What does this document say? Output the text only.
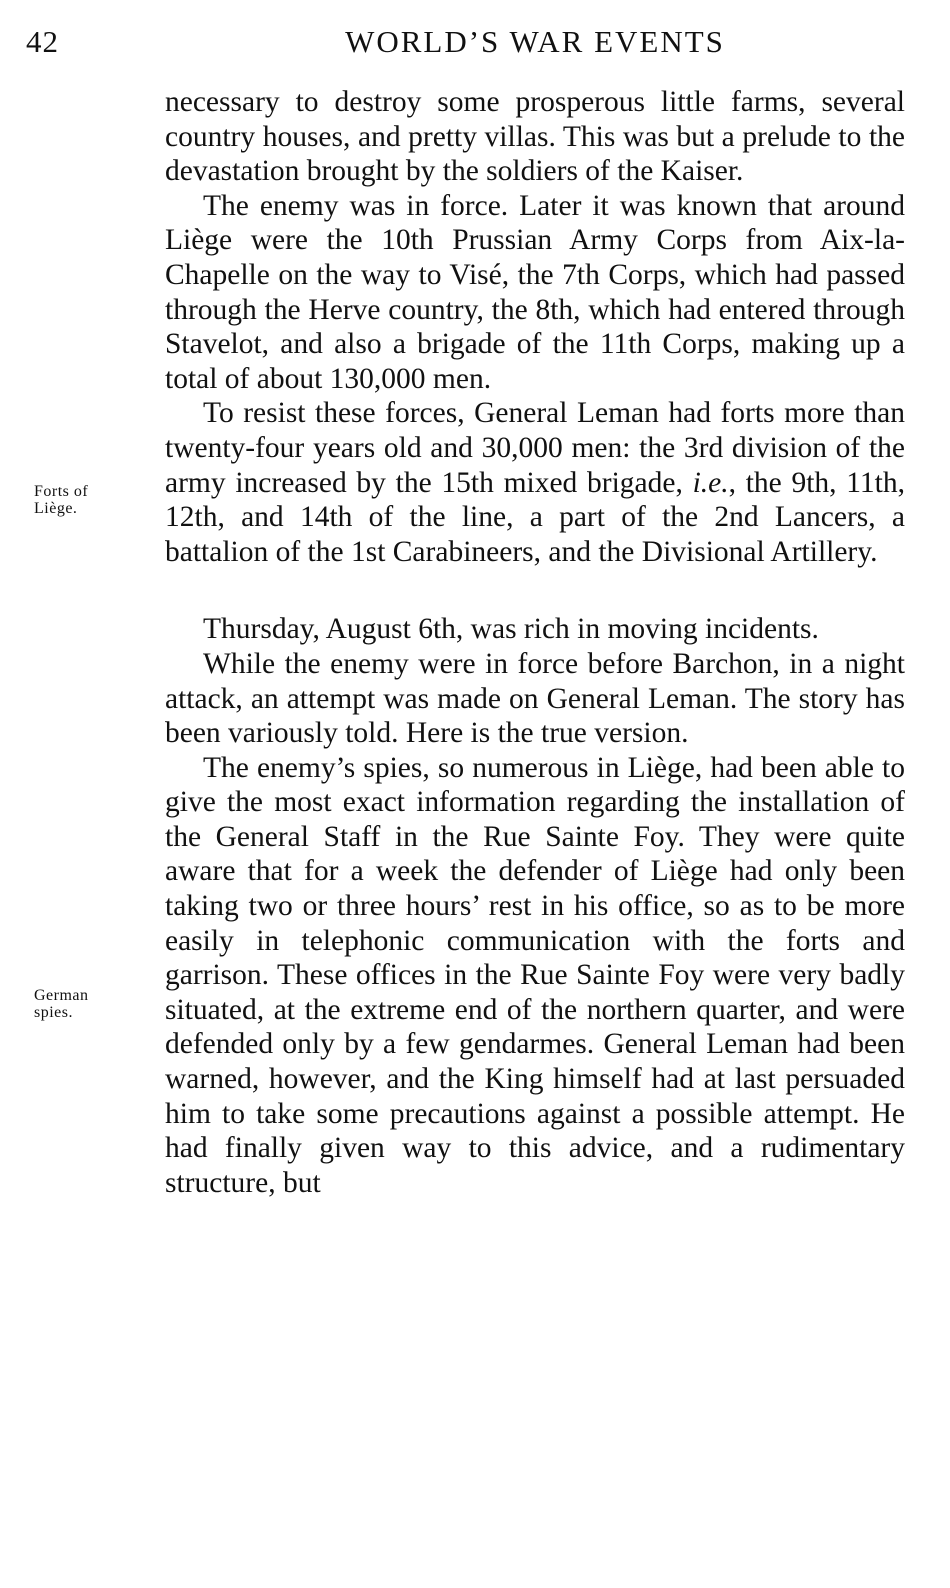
42	WORLD’S WAR EVENTS
Forts of
Liège.
German
spies.

necessary to destroy some prosperous little farms, several country houses, and pretty villas. This was but a prelude to the devastation brought by the soldiers of the Kaiser.

The enemy was in force. Later it was known that around Liège were the 10th Prussian Army Corps from Aix-la-Chapelle on the way to Visé, the 7th Corps, which had passed through the Herve country, the 8th, which had entered through Stavelot, and also a brigade of the 11th Corps, making up a total of about 130,000 men.

To resist these forces, General Leman had forts more than twenty-four years old and 30,000 men: the 3rd division of the army increased by the 15th mixed brigade, i.e., the 9th, 11th, 12th, and 14th of the line, a part of the 2nd Lancers, a battalion of the 1st Carabineers, and the Divisional Artillery.

Thursday, August 6th, was rich in moving incidents.

While the enemy were in force before Barchon, in a night attack, an attempt was made on General Leman. The story has been variously told. Here is the true version.

The enemy’s spies, so numerous in Liège, had been able to give the most exact information regarding the installation of the General Staff in the Rue Sainte Foy. They were quite aware that for a week the defender of Liège had only been taking two or three hours’ rest in his office, so as to be more easily in telephonic communication with the forts and garrison. These offices in the Rue Sainte Foy were very badly situated, at the extreme end of the northern quarter, and were defended only by a few gendarmes. General Leman had been warned, however, and the King himself had at last persuaded him to take some precautions against a possible attempt. He had finally given way to this advice, and a rudimentary structure, but
